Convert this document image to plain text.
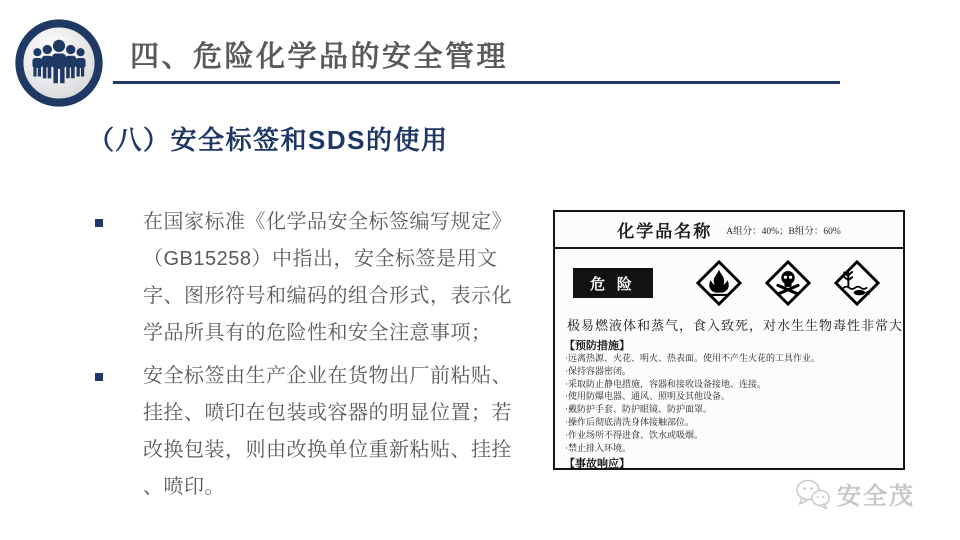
四、危险化学品的安全管理
（八）安全标签和SDS的使用
在国家标准《化学品安全标签编写规定》
（GB15258）中指出，安全标签是用文
字、图形符号和编码的组合形式，表示化
学品所具有的危险性和安全注意事项；
安全标签由生产企业在货物出厂前粘贴、
挂拴、喷印在包装或容器的明显位置；若
改换包装，则由改换单位重新粘贴、挂拴
、喷印。
化学品名称 A组分：40%；B组分：60%
危 险
极易燃液体和蒸气，食入致死，对水生生物毒性非常大
【预防措施】
·远离热源、火花、明火、热表面。使用不产生火花的工具作业。
·保持容器密闭。
·采取防止静电措施，容器和接收设备接地、连接。
·使用防爆电器、通风、照明及其他设备。
·戴防护手套、防护眼镜、防护面罩。
·操作后彻底清洗身体接触部位。
·作业场所不得进食、饮水或吸烟。
·禁止排入环境。
【事故响应】
安全茂
